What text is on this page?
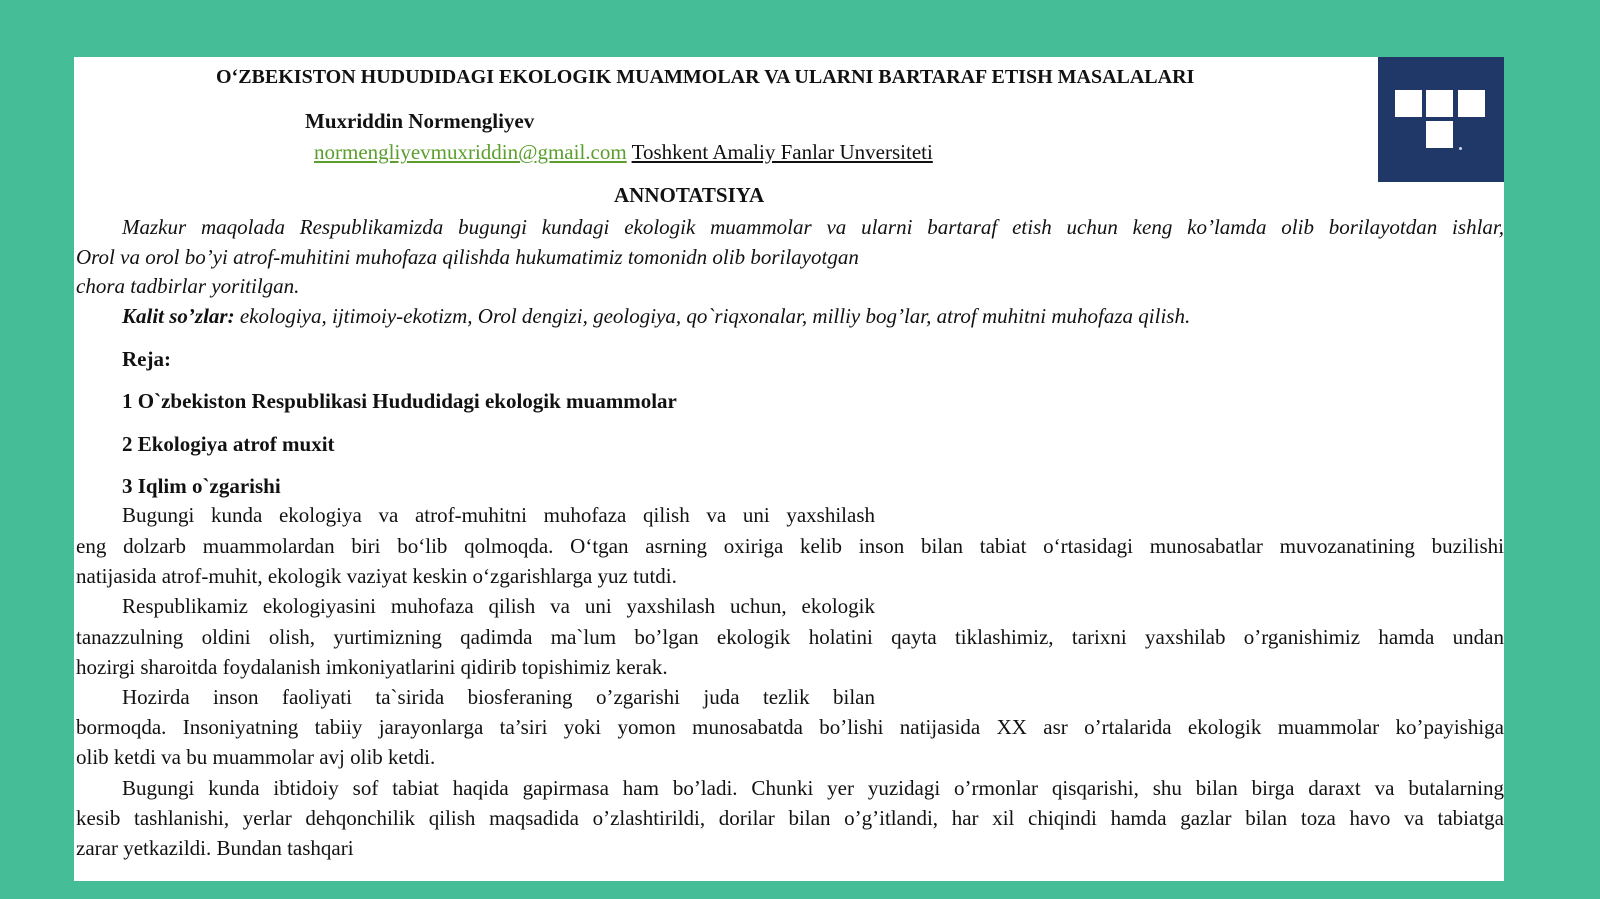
O‘ZBEKISTON HUDUDIDAGI EKOLOGIK MUAMMOLAR VA ULARNI BARTARAF ETISH MASALALARI
Muxriddin Normengliyev
normengliyevmuxriddin@gmail.com Toshkent Amaliy Fanlar Unversiteti
ANNOTATSIYA
Mazkur maqolada Respublikamizda bugungi kundagi ekologik muammolar va ularni bartaraf etish uchun keng ko’lamda olib borilayotdan ishlar,
Orol va orol bo’yi atrof-muhitini muhofaza qilishda hukumatimiz tomonidn olib borilayotgan
chora tadbirlar yoritilgan.
Kalit so’zlar: ekologiya, ijtimoiy-ekotizm, Orol dengizi, geologiya, qo`riqxonalar, milliy bog’lar, atrof muhitni muhofaza qilish.
Reja:
1 O`zbekiston Respublikasi Hududidagi ekologik muammolar
2 Ekologiya atrof muxit
3 Iqlim o`zgarishi
Bugungi kunda ekologiya va atrof-muhitni muhofaza qilish va uni yaxshilash
eng dolzarb muammolardan biri bo‘lib qolmoqda. O‘tgan asrning oxiriga kelib inson bilan tabiat o‘rtasidagi munosabatlar muvozanatining buzilishi
natijasida atrof-muhit, ekologik vaziyat keskin o‘zgarishlarga yuz tutdi.
Respublikamiz ekologiyasini muhofaza qilish va uni yaxshilash uchun, ekologik
tanazzulning oldini olish, yurtimizning qadimda ma`lum bo’lgan ekologik holatini qayta tiklashimiz, tarixni yaxshilab o’rganishimiz hamda undan
hozirgi sharoitda foydalanish imkoniyatlarini qidirib topishimiz kerak.
Hozirda inson faoliyati ta`sirida biosferaning o’zgarishi juda tezlik bilan
bormoqda. Insoniyatning tabiiy jarayonlarga ta’siri yoki yomon munosabatda bo’lishi natijasida XX asr o’rtalarida ekologik muammolar ko’payishiga
olib ketdi va bu muammolar avj olib ketdi.
Bugungi kunda ibtidoiy sof tabiat haqida gapirmasa ham bo’ladi. Chunki yer yuzidagi o’rmonlar qisqarishi, shu bilan birga daraxt va butalarning
kesib tashlanishi, yerlar dehqonchilik qilish maqsadida o’zlashtirildi, dorilar bilan o’g’itlandi, har xil chiqindi hamda gazlar bilan toza havo va tabiatga
zarar yetkazildi. Bundan tashqari
